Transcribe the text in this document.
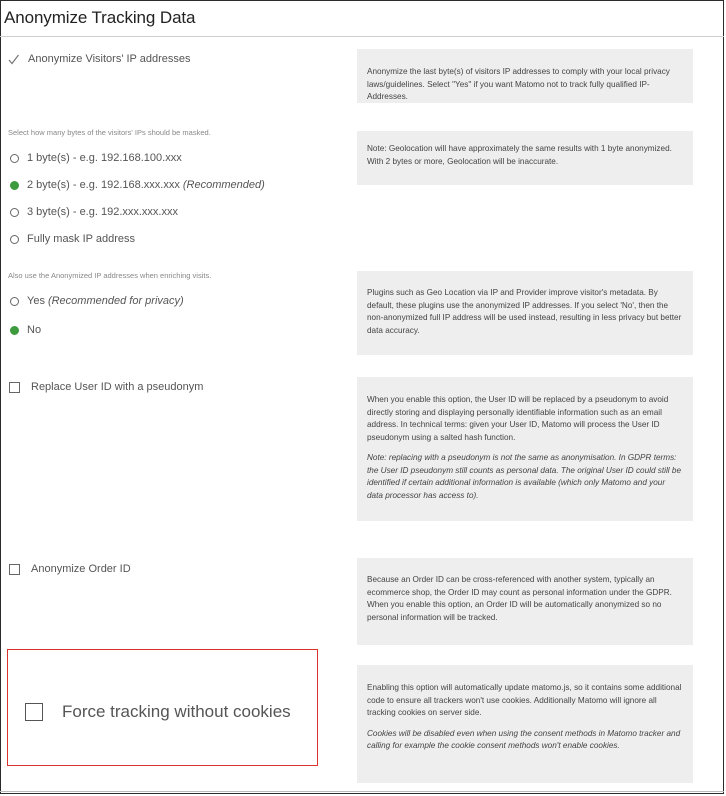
Anonymize Tracking Data
Anonymize Visitors' IP addresses

Anonymize the last byte(s) of visitors IP addresses to comply with your local privacy laws/guidelines. Select "Yes" if you want Matomo not to track fully qualified IP-Addresses.

Select how many bytes of the visitors' IPs should be masked.
1 byte(s) - e.g. 192.168.100.xxx
2 byte(s) - e.g. 192.168.xxx.xxx (Recommended)
3 byte(s) - e.g. 192.xxx.xxx.xxx
Fully mask IP address

Note: Geolocation will have approximately the same results with 1 byte anonymized. With 2 bytes or more, Geolocation will be inaccurate.

Also use the Anonymized IP addresses when enriching visits.
Yes (Recommended for privacy)
No

Plugins such as Geo Location via IP and Provider improve visitor's metadata. By default, these plugins use the anonymized IP addresses. If you select 'No', then the non-anonymized full IP address will be used instead, resulting in less privacy but better data accuracy.

Replace User ID with a pseudonym

When you enable this option, the User ID will be replaced by a pseudonym to avoid directly storing and displaying personally identifiable information such as an email address. In technical terms: given your User ID, Matomo will process the User ID pseudonym using a salted hash function.

Note: replacing with a pseudonym is not the same as anonymisation. In GDPR terms: the User ID pseudonym still counts as personal data. The original User ID could still be identified if certain additional information is available (which only Matomo and your data processor has access to).

Anonymize Order ID

Because an Order ID can be cross-referenced with another system, typically an ecommerce shop, the Order ID may count as personal information under the GDPR. When you enable this option, an Order ID will be automatically anonymized so no personal information will be tracked.

Force tracking without cookies

Enabling this option will automatically update matomo.js, so it contains some additional code to ensure all trackers won't use cookies. Additionally Matomo will ignore all tracking cookies on server side.

Cookies will be disabled even when using the consent methods in Matomo tracker and calling for example the cookie consent methods won't enable cookies.
